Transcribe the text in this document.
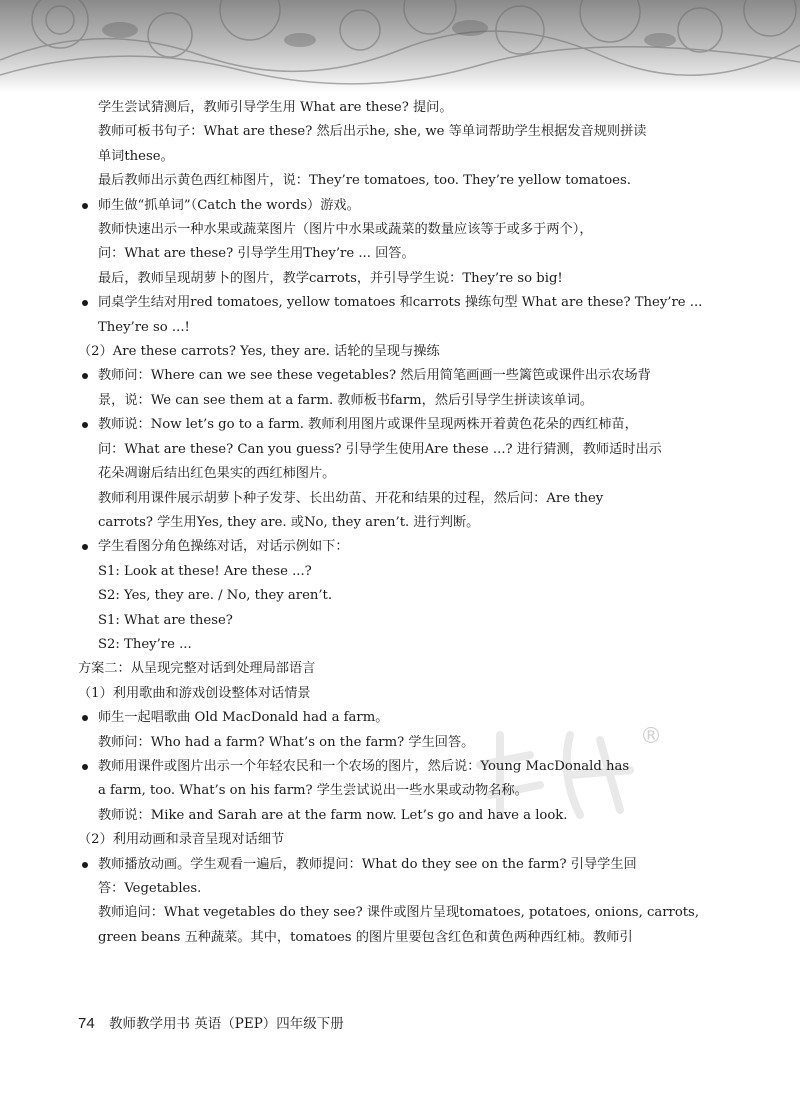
®
学生尝试猜测后，教师引导学生用 What are these? 提问。
教师可板书句子：What are these? 然后出示he, she, we 等单词帮助学生根据发音规则拼读
单词these。
最后教师出示黄色西红柿图片，说：They’re tomatoes, too. They’re yellow tomatoes.
师生做“抓单词”（Catch the words）游戏。
教师快速出示一种水果或蔬菜图片（图片中水果或蔬菜的数量应该等于或多于两个），
问：What are these? 引导学生用They’re ... 回答。
最后，教师呈现胡萝卜的图片，教学carrots，并引导学生说：They’re so big!
同桌学生结对用red tomatoes, yellow tomatoes 和carrots 操练句型 What are these? They’re ...
They’re so ...!
（2）Are these carrots? Yes, they are. 话轮的呈现与操练
教师问：Where can we see these vegetables? 然后用简笔画画一些篱笆或课件出示农场背
景，说：We can see them at a farm. 教师板书farm，然后引导学生拼读该单词。
教师说：Now let’s go to a farm. 教师利用图片或课件呈现两株开着黄色花朵的西红柿苗，
问：What are these? Can you guess? 引导学生使用Are these ...? 进行猜测，教师适时出示
花朵凋谢后结出红色果实的西红柿图片。
教师利用课件展示胡萝卜种子发芽、长出幼苗、开花和结果的过程，然后问：Are they
carrots? 学生用Yes, they are. 或No, they aren’t. 进行判断。
学生看图分角色操练对话，对话示例如下：
S1: Look at these! Are these ...?
S2: Yes, they are. / No, they aren’t.
S1: What are these?
S2: They’re ...
方案二：从呈现完整对话到处理局部语言
（1）利用歌曲和游戏创设整体对话情景
师生一起唱歌曲 Old MacDonald had a farm。
教师问：Who had a farm? What’s on the farm? 学生回答。
教师用课件或图片出示一个年轻农民和一个农场的图片，然后说：Young MacDonald has
a farm, too. What’s on his farm? 学生尝试说出一些水果或动物名称。
教师说：Mike and Sarah are at the farm now. Let’s go and have a look.
（2）利用动画和录音呈现对话细节
教师播放动画。学生观看一遍后，教师提问：What do they see on the farm? 引导学生回
答：Vegetables.
教师追问：What vegetables do they see? 课件或图片呈现tomatoes, potatoes, onions, carrots,
green beans 五种蔬菜。其中，tomatoes 的图片里要包含红色和黄色两种西红柿。教师引
74 教师教学用书 英语（PEP）四年级下册
